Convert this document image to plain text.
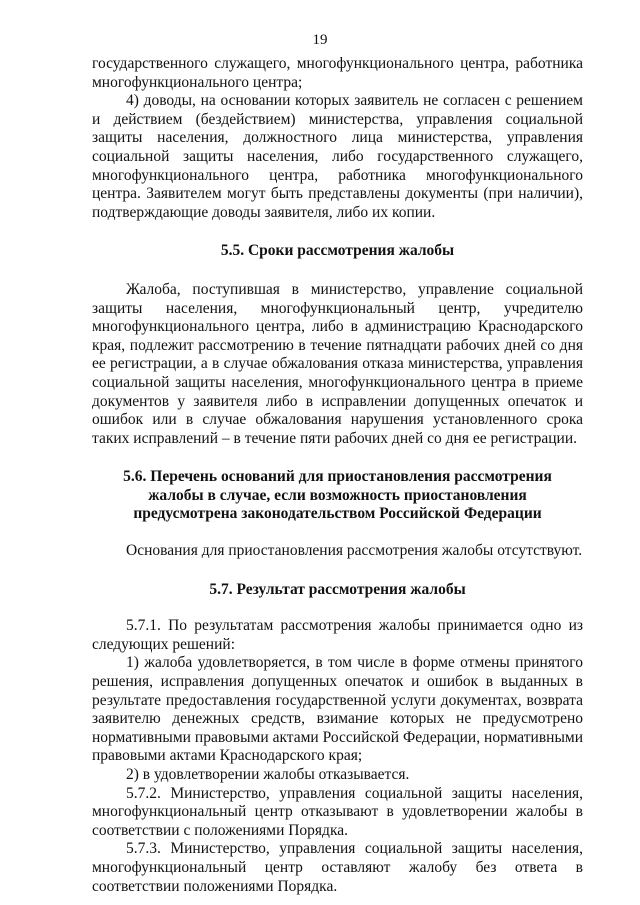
19

государственного служащего, многофункционального центра, работника многофункционального центра;

4) доводы, на основании которых заявитель не согласен с решением и действием (бездействием) министерства, управления социальной защиты населения, должностного лица министерства, управления социальной защиты населения, либо государственного служащего, многофункционального центра, работника многофункционального центра. Заявителем могут быть представлены документы (при наличии), подтверждающие доводы заявителя, либо их копии.

5.5. Сроки рассмотрения жалобы

Жалоба, поступившая в министерство, управление социальной защиты населения, многофункциональный центр, учредителю многофункционального центра, либо в администрацию Краснодарского края, подлежит рассмотрению в течение пятнадцати рабочих дней со дня ее регистрации, а в случае обжалования отказа министерства, управления социальной защиты населения, многофункционального центра в приеме документов у заявителя либо в исправлении допущенных опечаток и ошибок или в случае обжалования нарушения установленного срока таких исправлений – в течение пяти рабочих дней со дня ее регистрации.

5.6. Перечень оснований для приостановления рассмотрения жалобы в случае, если возможность приостановления предусмотрена законодательством Российской Федерации

Основания для приостановления рассмотрения жалобы отсутствуют.

5.7. Результат рассмотрения жалобы

5.7.1. По результатам рассмотрения жалобы принимается одно из следующих решений:

1) жалоба удовлетворяется, в том числе в форме отмены принятого решения, исправления допущенных опечаток и ошибок в выданных в результате предоставления государственной услуги документах, возврата заявителю денежных средств, взимание которых не предусмотрено нормативными правовыми актами Российской Федерации, нормативными правовыми актами Краснодарского края;

2) в удовлетворении жалобы отказывается.

5.7.2. Министерство, управления социальной защиты населения, многофункциональный центр отказывают в удовлетворении жалобы в соответствии с положениями Порядка.

5.7.3. Министерство, управления социальной защиты населения, многофункциональный центр оставляют жалобу без ответа в соответствии положениями Порядка.
